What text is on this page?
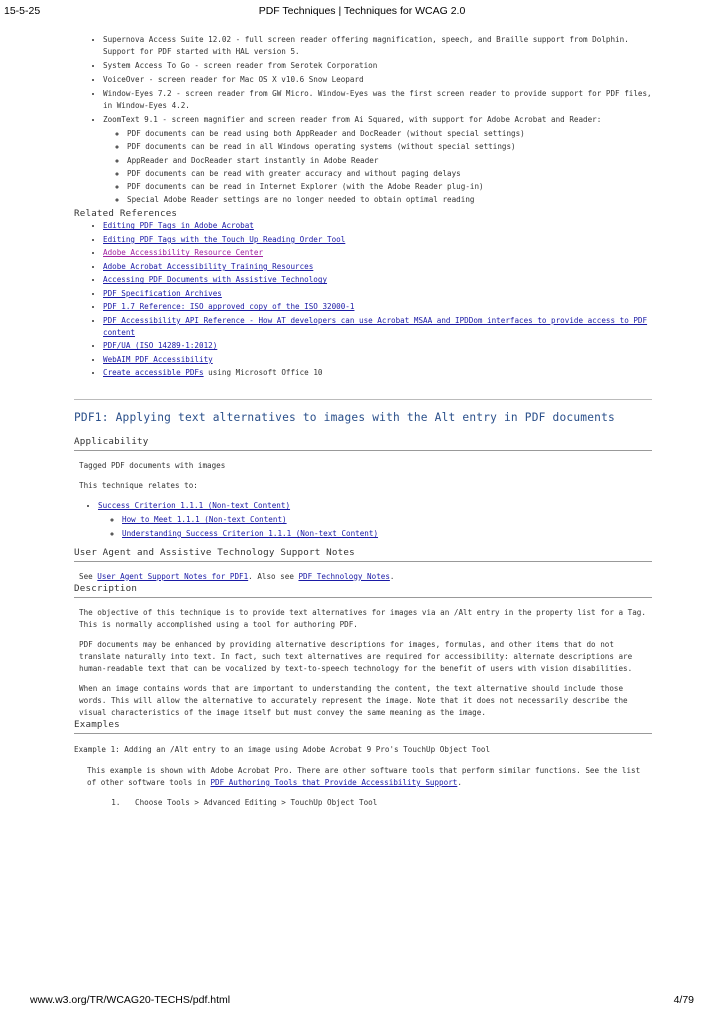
15-5-25	PDF Techniques | Techniques for WCAG 2.0
• Supernova Access Suite 12.02 - full screen reader offering magnification, speech, and Braille support from Dolphin. Support for PDF started with HAL version 5.
• System Access To Go - screen reader from Serotek Corporation
• VoiceOver - screen reader for Mac OS X v10.6 Snow Leopard
• Window-Eyes 7.2 - screen reader from GW Micro. Window-Eyes was the first screen reader to provide support for PDF files, in Window-Eyes 4.2.
• ZoomText 9.1 - screen magnifier and screen reader from Ai Squared, with support for Adobe Acrobat and Reader:
◦ PDF documents can be read using both AppReader and DocReader (without special settings)
◦ PDF documents can be read in all Windows operating systems (without special settings)
◦ AppReader and DocReader start instantly in Adobe Reader
◦ PDF documents can be read with greater accuracy and without paging delays
◦ PDF documents can be read in Internet Explorer (with the Adobe Reader plug-in)
◦ Special Adobe Reader settings are no longer needed to obtain optimal reading
Related References
• Editing PDF Tags in Adobe Acrobat
• Editing PDF Tags with the Touch Up Reading Order Tool
• Adobe Accessibility Resource Center
• Adobe Acrobat Accessibility Training Resources
• Accessing PDF Documents with Assistive Technology
• PDF Specification Archives
• PDF 1.7 Reference: ISO approved copy of the ISO 32000-1
• PDF Accessibility API Reference - How AT developers can use Acrobat MSAA and IPDDom interfaces to provide access to PDF content
• PDF/UA (ISO 14289-1:2012)
• WebAIM PDF Accessibility
• Create accessible PDFs using Microsoft Office 10
PDF1: Applying text alternatives to images with the Alt entry in PDF documents
Applicability

Tagged PDF documents with images

This technique relates to:

• Success Criterion 1.1.1 (Non-text Content)
◦ How to Meet 1.1.1 (Non-text Content)
◦ Understanding Success Criterion 1.1.1 (Non-text Content)
User Agent and Assistive Technology Support Notes

See User Agent Support Notes for PDF1. Also see PDF Technology Notes.

Description

The objective of this technique is to provide text alternatives for images via an /Alt entry in the property list for a Tag. This is normally accomplished using a tool for authoring PDF.

PDF documents may be enhanced by providing alternative descriptions for images, formulas, and other items that do not translate naturally into text. In fact, such text alternatives are required for accessibility: alternate descriptions are human-readable text that can be vocalized by text-to-speech technology for the benefit of users with vision disabilities.

When an image contains words that are important to understanding the content, the text alternative should include those words. This will allow the alternative to accurately represent the image. Note that it does not necessarily describe the visual characteristics of the image itself but must convey the same meaning as the image.

Examples

Example 1: Adding an /Alt entry to an image using Adobe Acrobat 9 Pro's TouchUp Object Tool

This example is shown with Adobe Acrobat Pro. There are other software tools that perform similar functions. See the list of other software tools in PDF Authoring Tools that Provide Accessibility Support.

1. Choose Tools > Advanced Editing > TouchUp Object Tool
www.w3.org/TR/WCAG20-TECHS/pdf.html	4/79
